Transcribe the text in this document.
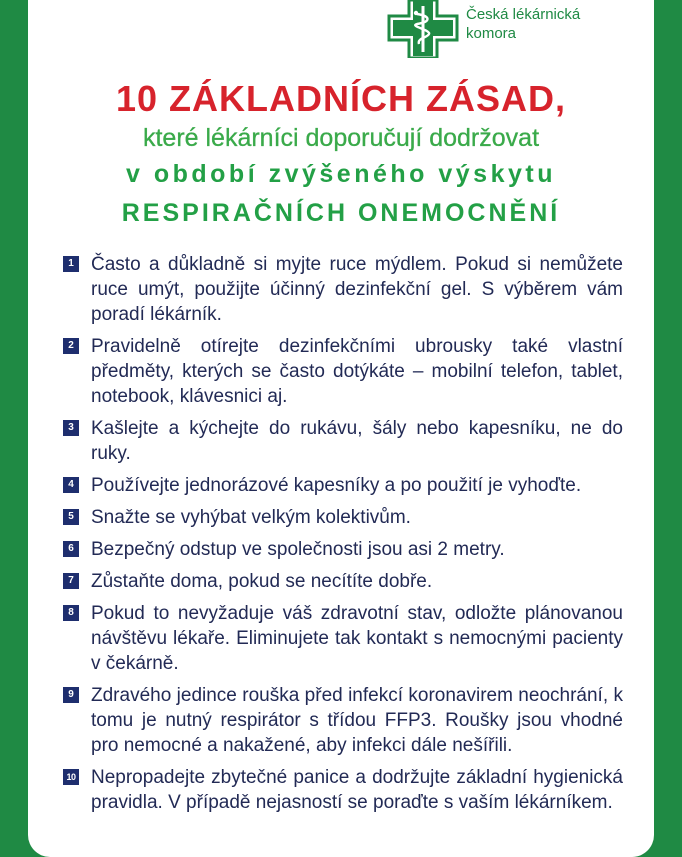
Česká lékárnická
komora
10 ZÁKLADNÍCH ZÁSAD,

které lékárníci doporučují dodržovat

v období zvýšeného výskytu

RESPIRAČNÍCH ONEMOCNĚNÍ

1 Často a důkladně si myjte ruce mýdlem. Pokud si nemůžete ruce umýt, použijte účinný dezinfekční gel. S výběrem vám poradí lékárník.

2 Pravidelně otírejte dezinfekčními ubrousky také vlastní předměty, kterých se často dotýkáte – mobilní telefon, tablet, notebook, klávesnici aj.

3 Kašlejte a kýchejte do rukávu, šály nebo kapesníku, ne do ruky.

4 Používejte jednorázové kapesníky a po použití je vyhoďte.

5 Snažte se vyhýbat velkým kolektivům.

6 Bezpečný odstup ve společnosti jsou asi 2 metry.

7 Zůstaňte doma, pokud se necítíte dobře.

8 Pokud to nevyžaduje váš zdravotní stav, odložte plánovanou návštěvu lékaře. Eliminujete tak kontakt s nemocnými pacienty v čekárně.

9 Zdravého jedince rouška před infekcí koronavirem neochrání, k tomu je nutný respirátor s třídou FFP3. Roušky jsou vhodné pro nemocné a nakažené, aby infekci dále nešířili.

10 Nepropadejte zbytečné panice a dodržujte základní hygienická pravidla. V případě nejasností se poraďte s vaším lékárníkem.
